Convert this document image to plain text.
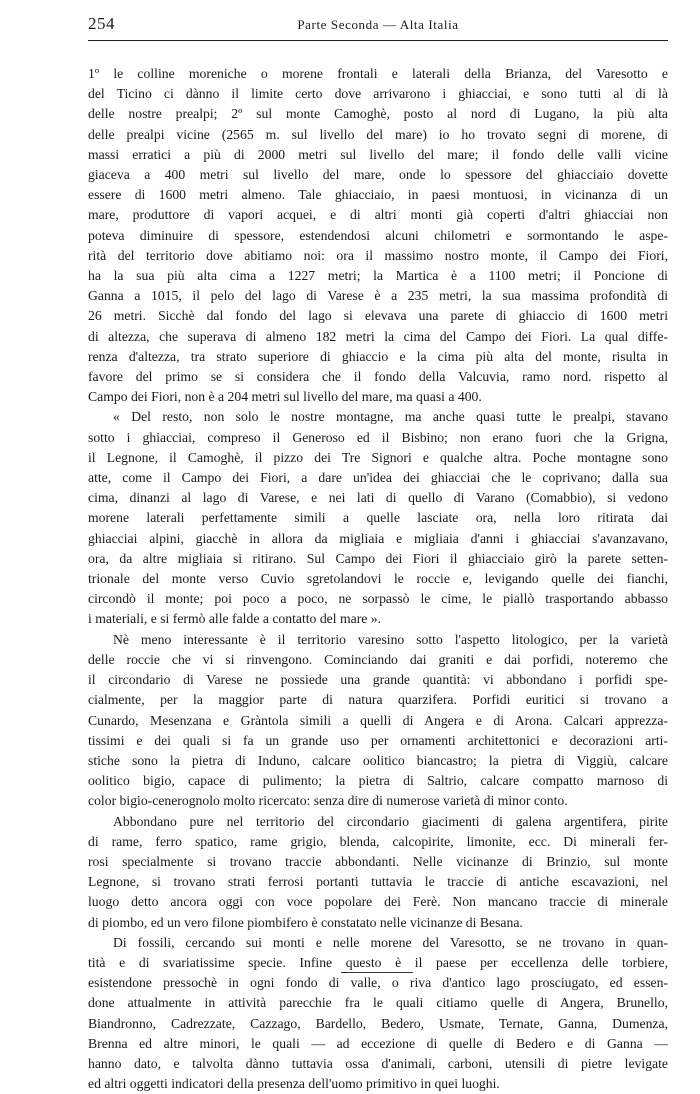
254	Parte Seconda — Alta Italia

1º le colline moreniche o morene frontali e laterali della Brianza, del Varesotto e
del Ticino ci dànno il limite certo dove arrivarono i ghiacciai, e sono tutti al di là
delle nostre prealpi; 2º sul monte Camoghè, posto al nord di Lugano, la più alta
delle prealpi vicine (2565 m. sul livello del mare) io ho trovato segni di morene, di
massi erratici a più di 2000 metri sul livello del mare; il fondo delle valli vicine
giaceva a 400 metri sul livello del mare, onde lo spessore del ghiacciaio dovette
essere di 1600 metri almeno. Tale ghiacciaio, in paesi montuosi, in vicinanza di un
mare, produttore di vapori acquei, e di altri monti già coperti d'altri ghiacciai non
poteva diminuire di spessore, estendendosi alcuni chilometri e sormontando le aspe-
rità del territorio dove abitiamo noi: ora il massimo nostro monte, il Campo dei Fiori,
ha la sua più alta cima a 1227 metri; la Martica è a 1100 metri; il Poncione di
Ganna a 1015, il pelo del lago di Varese è a 235 metri, la sua massima profondità di
26 metri. Sicchè dal fondo del lago si elevava una parete di ghiaccio di 1600 metri
di altezza, che superava di almeno 182 metri la cima del Campo dei Fiori. La qual diffe-
renza d'altezza, tra strato superiore di ghiaccio e la cima più alta del monte, risulta in
favore del primo se si considera che il fondo della Valcuvia, ramo nord. rispetto al
Campo dei Fiori, non è a 204 metri sul livello del mare, ma quasi a 400.

« Del resto, non solo le nostre montagne, ma anche quasi tutte le prealpi, stavano
sotto i ghiacciai, compreso il Generoso ed il Bisbino; non erano fuori che la Grigna,
il Legnone, il Camoghè, il pizzo dei Tre Signori e qualche altra. Poche montagne sono
atte, come il Campo dei Fiori, a dare un'idea dei ghiacciai che le coprivano; dalla sua
cima, dinanzi al lago di Varese, e nei lati di quello di Varano (Comabbio), si vedono
morene laterali perfettamente simili a quelle lasciate ora, nella loro ritirata dai
ghiacciai alpini, giacchè in allora da migliaia e migliaia d'anni i ghiacciai s'avanzavano,
ora, da altre migliaia si ritirano. Sul Campo dei Fiori il ghiacciaio girò la parete setten-
trionale del monte verso Cuvio sgretolandovi le roccie e, levigando quelle dei fianchi,
circondò il monte; poi poco a poco, ne sorpassò le cime, le piallò trasportando abbasso
i materiali, e si fermò alle falde a contatto del mare ».

Nè meno interessante è il territorio varesino sotto l'aspetto litologico, per la varietà
delle roccie che vi si rinvengono. Cominciando dai graniti e dai porfidi, noteremo che
il circondario di Varese ne possiede una grande quantità: vi abbondano i porfidi spe-
cialmente, per la maggior parte di natura quarzifera. Porfidi euritici si trovano a
Cunardo, Mesenzana e Gràntola simili a quelli di Angera e di Arona. Calcari apprezza-
tissimi e dei quali si fa un grande uso per ornamenti architettonici e decorazioni arti-
stiche sono la pietra di Induno, calcare oolitico biancastro; la pietra di Viggiù, calcare
oolitico bigio, capace di pulimento; la pietra di Saltrio, calcare compatto marnoso di
color bigio-cenerognolo molto ricercato: senza dire di numerose varietà di minor conto.

Abbondano pure nel territorio del circondario giacimenti di galena argentifera, pirite
di rame, ferro spatico, rame grigio, blenda, calcopirite, limonite, ecc. Di minerali fer-
rosi specialmente si trovano traccie abbondanti. Nelle vicinanze di Brinzio, sul monte
Legnone, si trovano strati ferrosi portanti tuttavia le traccie di antiche escavazioni, nel
luogo detto ancora oggi con voce popolare dei Ferè. Non mancano traccie di minerale
di piombo, ed un vero filone piombifero è constatato nelle vicinanze di Besana.

Di fossili, cercando sui monti e nelle morene del Varesotto, se ne trovano in quan-
tità e di svariatissime specie. Infine questo è il paese per eccellenza delle torbiere,
esistendone pressochè in ogni fondo di valle, o riva d'antico lago prosciugato, ed essen-
done attualmente in attività parecchie fra le quali citiamo quelle di Angera, Brunello,
Biandronno, Cadrezzate, Cazzago, Bardello, Bedero, Usmate, Ternate, Ganna, Dumenza,
Brenna ed altre minori, le quali — ad eccezione di quelle di Bedero e di Ganna —
hanno dato, e talvolta dànno tuttavia ossa d'animali, carboni, utensili di pietre levigate
ed altri oggetti indicatori della presenza dell'uomo primitivo in quei luoghi.
